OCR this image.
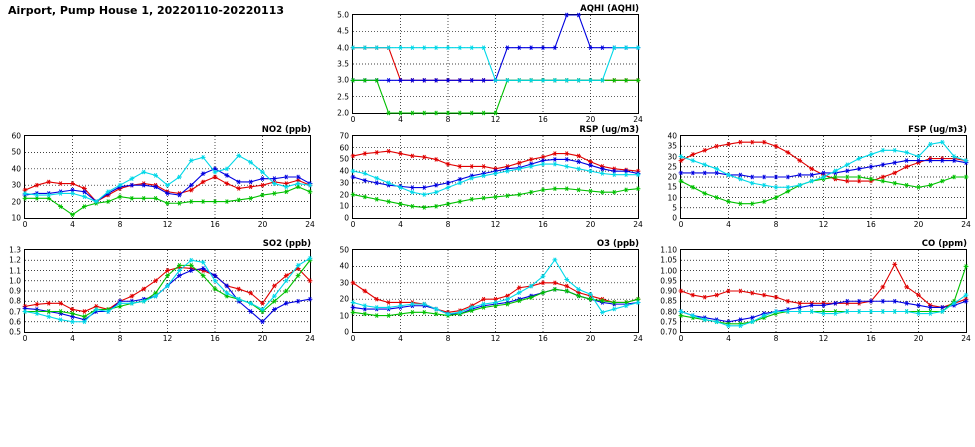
Airport, Pump House 1, 20220110-20220113	AQHI (AQHI)
0	4	8	12	16	20	24
2.0
2.5
3.0
3.5
4.0
4.5
5.0
NO2 (ppb)
0	4	8	12	16	20	24
10
20
30
40
50
60
RSP (ug/m3)
0	4	8	12	16	20	24
0
10
20
30
40
50
60
70
FSP (ug/m3)
0	4	8	12	16	20	24
0
5
10
15
20
25
30
35
40
SO2 (ppb)
0	4	8	12	16	20	24
0.5
0.6
0.7
0.8
0.9
1.0
1.1
1.2
1.3
O3 (ppb)
0	4	8	12	16	20	24
0
10
20
30
40
50
CO (ppm)
0	4	8	12	16	20	24
0.70
0.75
0.80
0.85
0.90
0.95
1.00
1.05
1.10
